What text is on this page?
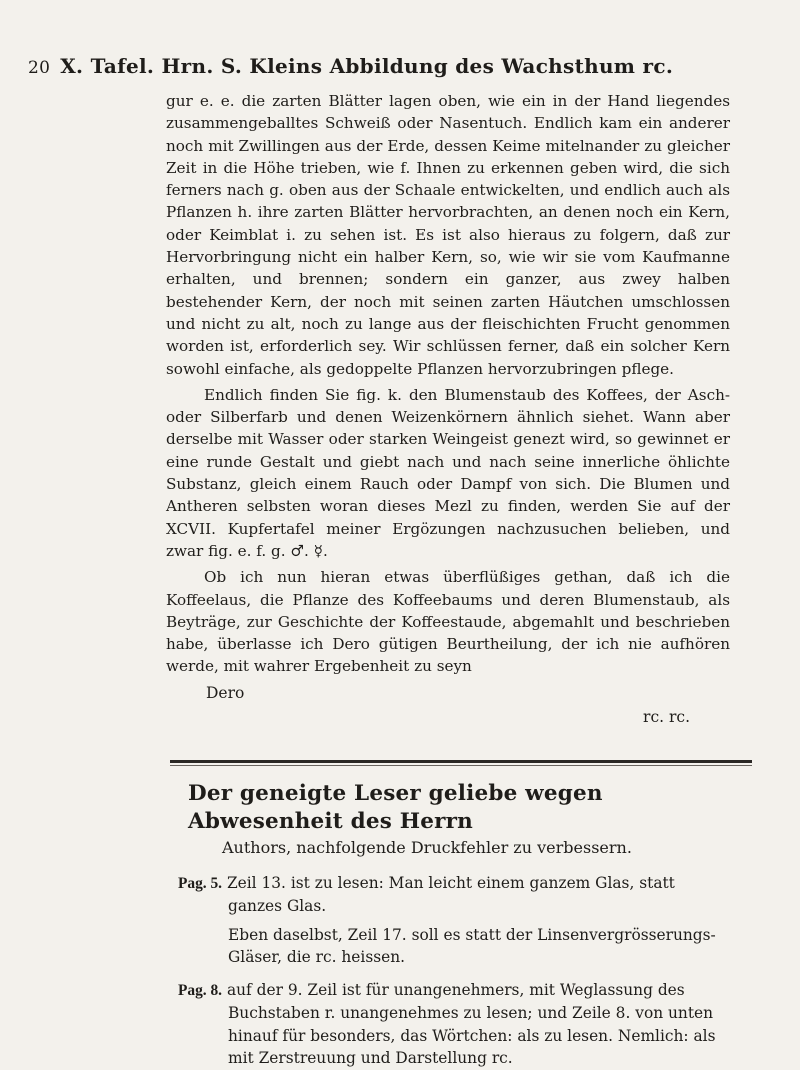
20 X. Tafel. Hrn. S. Kleins Abbildung des Wachsthum rc.

gur e. e. die zarten Blätter lagen oben, wie ein in der Hand liegendes zusammengeballtes Schweiß oder Nasentuch. Endlich kam ein anderer noch mit Zwillingen aus der Erde, dessen Keime mitelnander zu gleicher Zeit in die Höhe trieben, wie f. Ihnen zu erkennen geben wird, die sich ferners nach g. oben aus der Schaale entwickelten, und endlich auch als Pflanzen h. ihre zarten Blätter hervorbrachten, an denen noch ein Kern, oder Keimblat i. zu sehen ist. Es ist also hieraus zu folgern, daß zur Hervorbringung nicht ein halber Kern, so, wie wir sie vom Kaufmanne erhalten, und brennen; sondern ein ganzer, aus zwey halben bestehender Kern, der noch mit seinen zarten Häutchen umschlossen und nicht zu alt, noch zu lange aus der fleischichten Frucht genommen worden ist, erforderlich sey. Wir schlüssen ferner, daß ein solcher Kern sowohl einfache, als gedoppelte Pflanzen hervorzubringen pflege.

Endlich finden Sie fig. k. den Blumenstaub des Koffees, der Asch- oder Silberfarb und denen Weizenkörnern ähnlich siehet. Wann aber derselbe mit Wasser oder starken Weingeist genezt wird, so gewinnet er eine runde Gestalt und giebt nach und nach seine innerliche öhlichte Substanz, gleich einem Rauch oder Dampf von sich. Die Blumen und Antheren selbsten woran dieses Mezl zu finden, werden Sie auf der XCVII. Kupfertafel meiner Ergözungen nachzusuchen belieben, und zwar fig. e. f. g. ♂. ☿.

Ob ich nun hieran etwas überflüßiges gethan, daß ich die Koffeelaus, die Pflanze des Koffeebaums und deren Blumenstaub, als Beyträge, zur Geschichte der Koffeestaude, abgemahlt und beschrieben habe, überlasse ich Dero gütigen Beurtheilung, der ich nie aufhören werde, mit wahrer Ergebenheit zu seyn

Dero
rc. rc.
Der geneigte Leser geliebe wegen Abwesenheit des Herrn
Authors, nachfolgende Druckfehler zu verbessern.
Pag. 5. Zeil 13. ist zu lesen: Man leicht einem ganzem Glas, statt ganzes Glas.
Eben daselbst, Zeil 17. soll es statt der Linsenvergrösserungs-Gläser, die rc. heissen.
Pag. 8. auf der 9. Zeil ist für unangenehmers, mit Weglassung des Buchstaben r. unangenehmes zu lesen; und Zeile 8. von unten hinauf für besonders, das Wörtchen: als zu lesen. Nemlich: als mit Zerstreuung und Darstellung rc.
